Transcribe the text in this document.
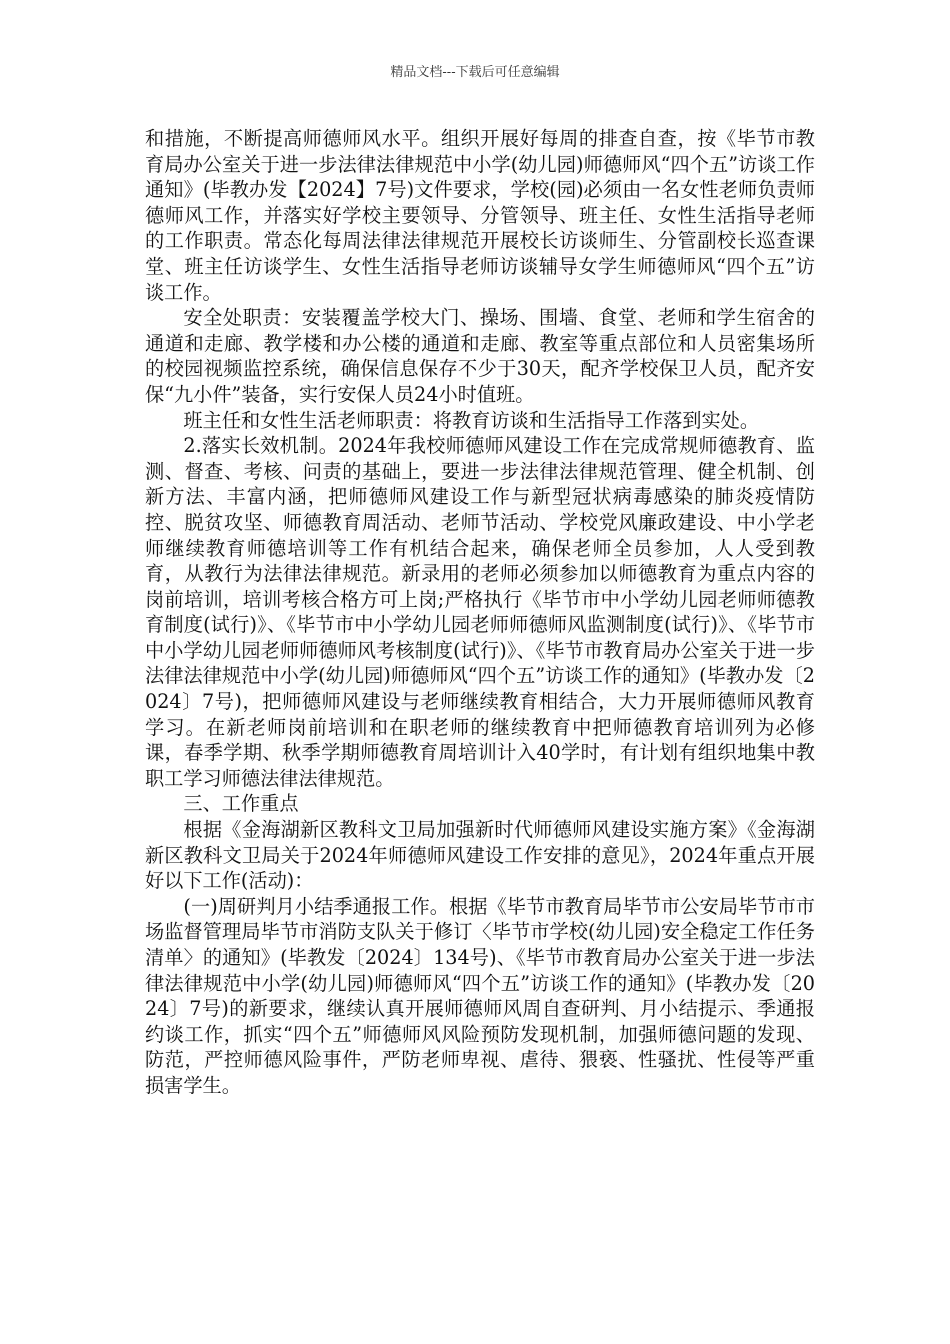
精品文档---下载后可任意编辑

和措施，不断提高师德师风水平。组织开展好每周的排查自查，按《毕节市教育局办公室关于进一步法律法律规范中小学(幼儿园)师德师风“四个五”访谈工作通知》(毕教办发【2024】7号)文件要求，学校(园)必须由一名女性老师负责师德师风工作，并落实好学校主要领导、分管领导、班主任、女性生活指导老师的工作职责。常态化每周法律法律规范开展校长访谈师生、分管副校长巡查课堂、班主任访谈学生、女性生活指导老师访谈辅导女学生师德师风“四个五”访谈工作。

安全处职责：安装覆盖学校大门、操场、围墙、食堂、老师和学生宿舍的通道和走廊、教学楼和办公楼的通道和走廊、教室等重点部位和人员密集场所的校园视频监控系统，确保信息保存不少于30天，配齐学校保卫人员，配齐安保“九小件”装备，实行安保人员24小时值班。

班主任和女性生活老师职责：将教育访谈和生活指导工作落到实处。

2.落实长效机制。2024年我校师德师风建设工作在完成常规师德教育、监测、督查、考核、问责的基础上，要进一步法律法律规范管理、健全机制、创新方法、丰富内涵，把师德师风建设工作与新型冠状病毒感染的肺炎疫情防控、脱贫攻坚、师德教育周活动、老师节活动、学校党风廉政建设、中小学老师继续教育师德培训等工作有机结合起来，确保老师全员参加，人人受到教育，从教行为法律法律规范。新录用的老师必须参加以师德教育为重点内容的岗前培训，培训考核合格方可上岗;严格执行《毕节市中小学幼儿园老师师德教育制度(试行)》、《毕节市中小学幼儿园老师师德师风监测制度(试行)》、《毕节市中小学幼儿园老师师德师风考核制度(试行)》、《毕节市教育局办公室关于进一步法律法律规范中小学(幼儿园)师德师风“四个五”访谈工作的通知》(毕教办发〔2024〕7号)，把师德师风建设与老师继续教育相结合，大力开展师德师风教育学习。在新老师岗前培训和在职老师的继续教育中把师德教育培训列为必修课，春季学期、秋季学期师德教育周培训计入40学时，有计划有组织地集中教职工学习师德法律法律规范。

三、工作重点

根据《金海湖新区教科文卫局加强新时代师德师风建设实施方案》《金海湖新区教科文卫局关于2024年师德师风建设工作安排的意见》，2024年重点开展好以下工作(活动)：

(一)周研判月小结季通报工作。根据《毕节市教育局毕节市公安局毕节市市场监督管理局毕节市消防支队关于修订〈毕节市学校(幼儿园)安全稳定工作任务清单〉的通知》(毕教发〔2024〕134号)、《毕节市教育局办公室关于进一步法律法律规范中小学(幼儿园)师德师风“四个五”访谈工作的通知》(毕教办发〔2024〕7号)的新要求，继续认真开展师德师风周自查研判、月小结提示、季通报约谈工作，抓实“四个五”师德师风风险预防发现机制，加强师德问题的发现、防范，严控师德风险事件，严防老师卑视、虐待、猥亵、性骚扰、性侵等严重损害学生。
